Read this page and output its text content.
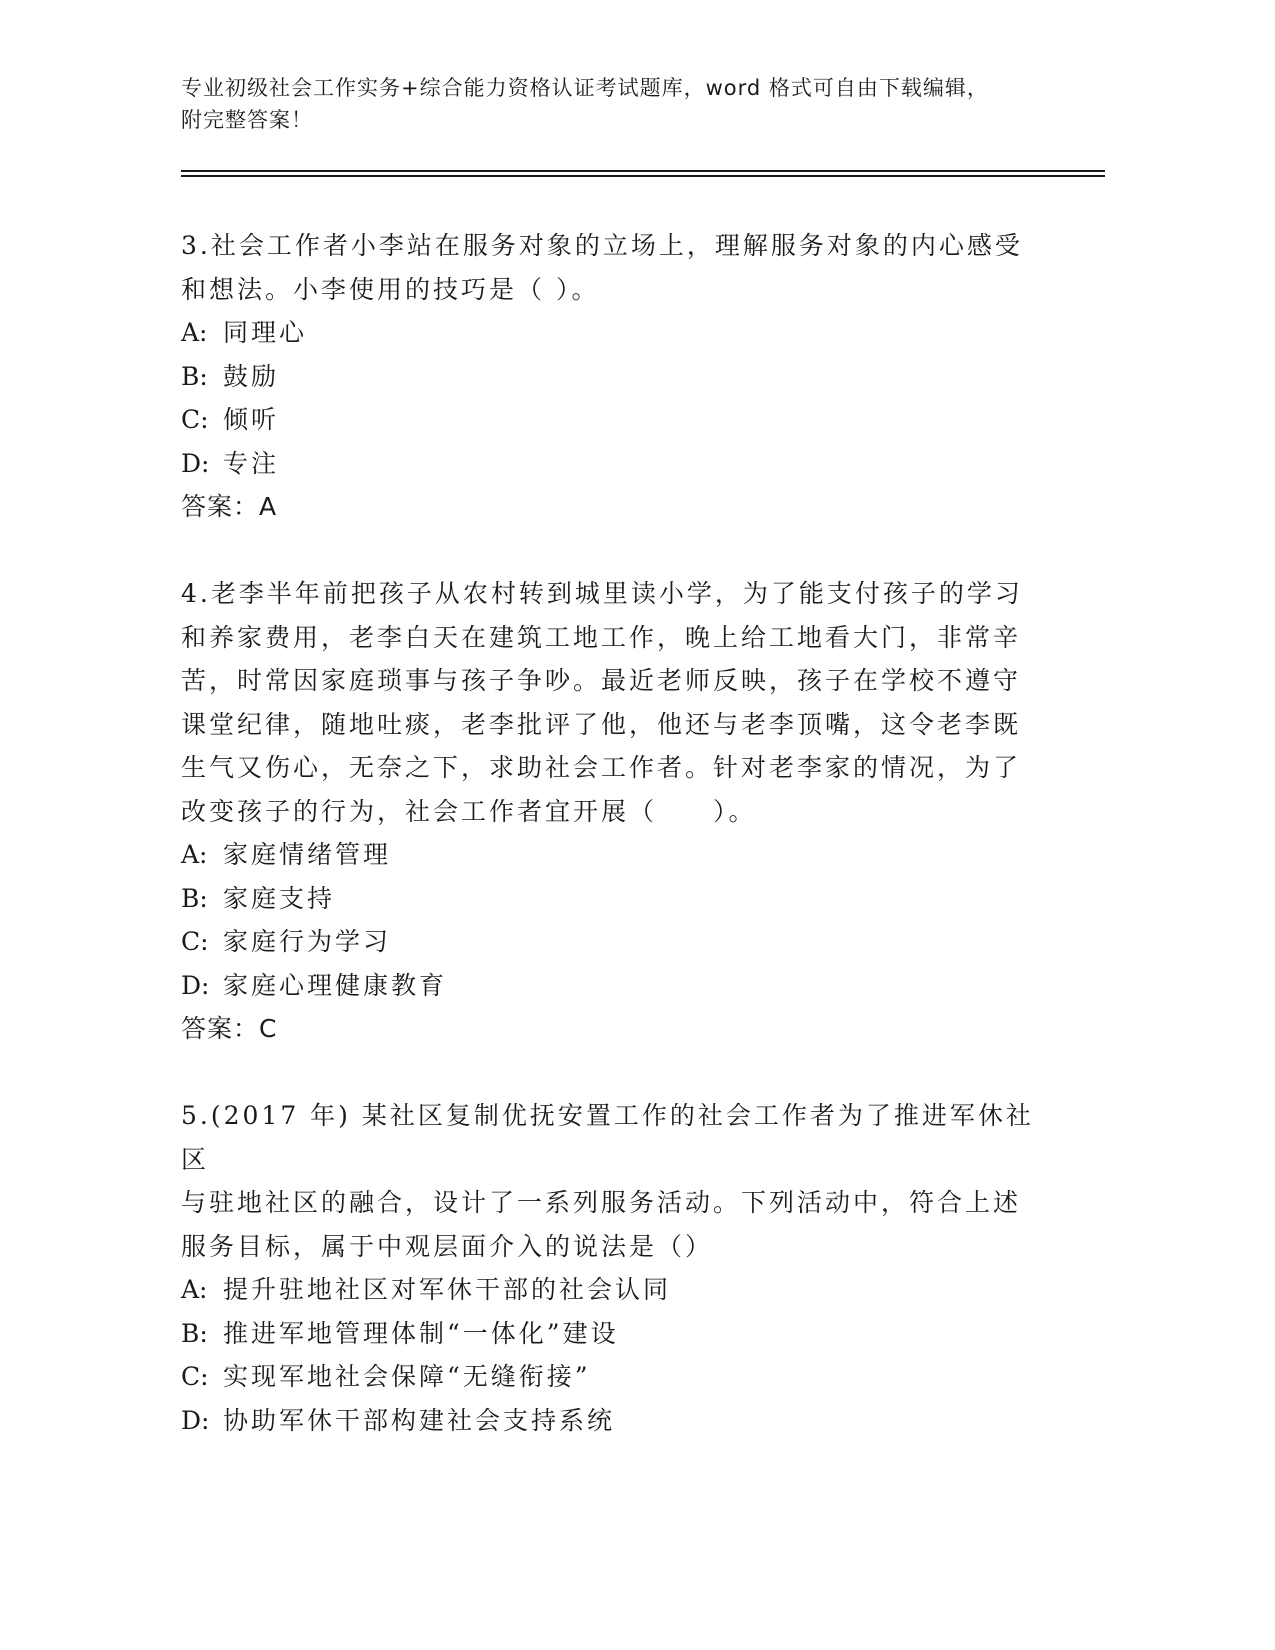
专业初级社会工作实务+综合能力资格认证考试题库，word 格式可自由下载编辑，
附完整答案！

3.社会工作者小李站在服务对象的立场上，理解服务对象的内心感受

和想法。小李使用的技巧是（ ）。

A: 同理心

B: 鼓励

C: 倾听

D: 专注

答案：A

4.老李半年前把孩子从农村转到城里读小学，为了能支付孩子的学习

和养家费用，老李白天在建筑工地工作，晚上给工地看大门，非常辛

苦，时常因家庭琐事与孩子争吵。最近老师反映，孩子在学校不遵守

课堂纪律，随地吐痰，老李批评了他，他还与老李顶嘴，这令老李既

生气又伤心，无奈之下，求助社会工作者。针对老李家的情况，为了

改变孩子的行为，社会工作者宜开展（　　）。

A: 家庭情绪管理

B: 家庭支持

C: 家庭行为学习

D: 家庭心理健康教育

答案：C

5.(2017 年) 某社区复制优抚安置工作的社会工作者为了推进军休社区

与驻地社区的融合，设计了一系列服务活动。下列活动中，符合上述

服务目标，属于中观层面介入的说法是（）

A: 提升驻地社区对军休干部的社会认同

B: 推进军地管理体制“一体化”建设

C: 实现军地社会保障“无缝衔接”

D: 协助军休干部构建社会支持系统
